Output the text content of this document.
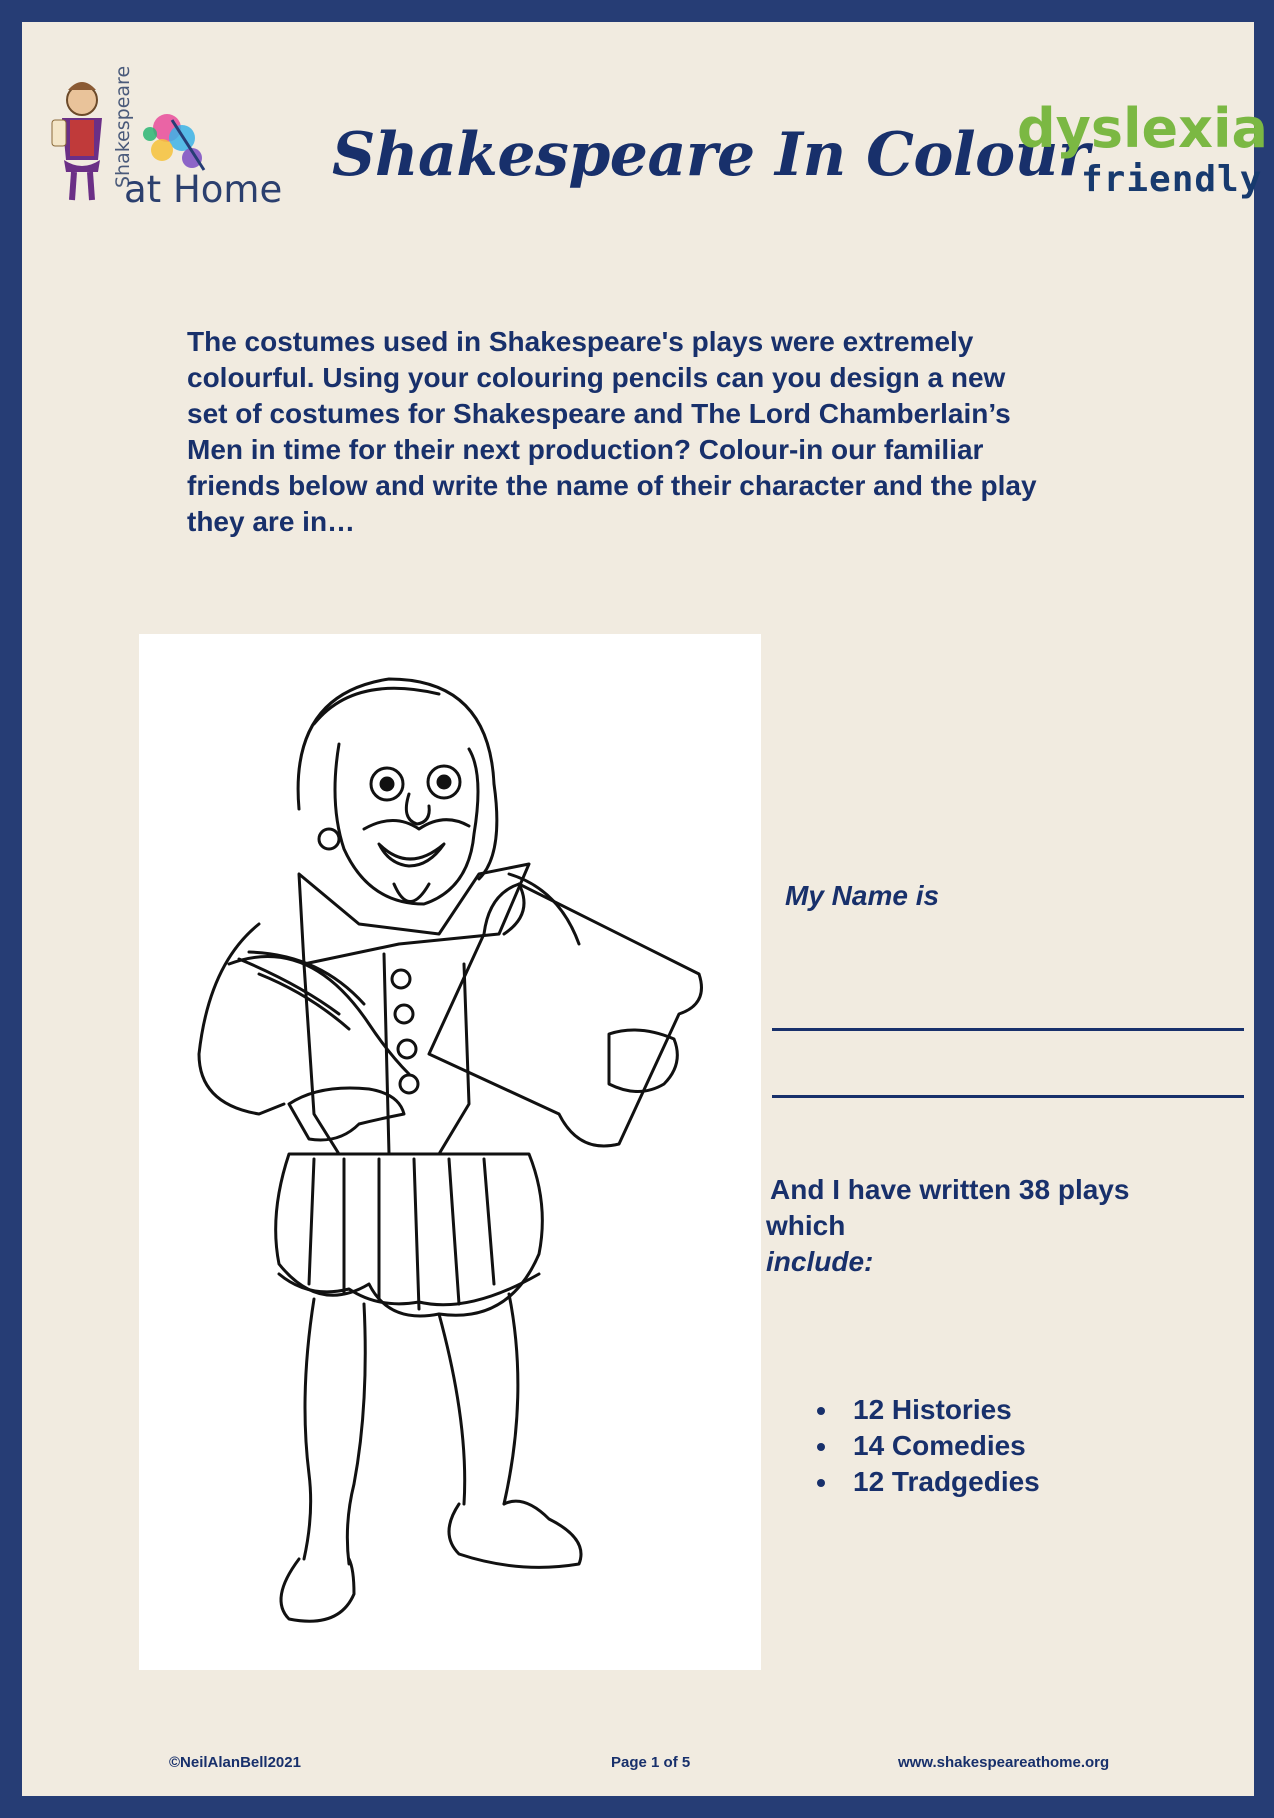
Shakespeare
at Home Shakespeare In Colour
dyslexia
friendly
The costumes used in Shakespeare's plays were extremely
colourful. Using your colouring pencils can you design a new
set of costumes for Shakespeare and The Lord Chamberlain’s
Men in time for their next production? Colour-in our familiar
friends below and write the name of their character and the play
they are in…
My Name is
And I have written 38 plays
which
include:
12 Histories
14 Comedies
12 Tradgedies
©NeilAlanBell2021	Page 1 of 5	www.shakespeareathome.org
